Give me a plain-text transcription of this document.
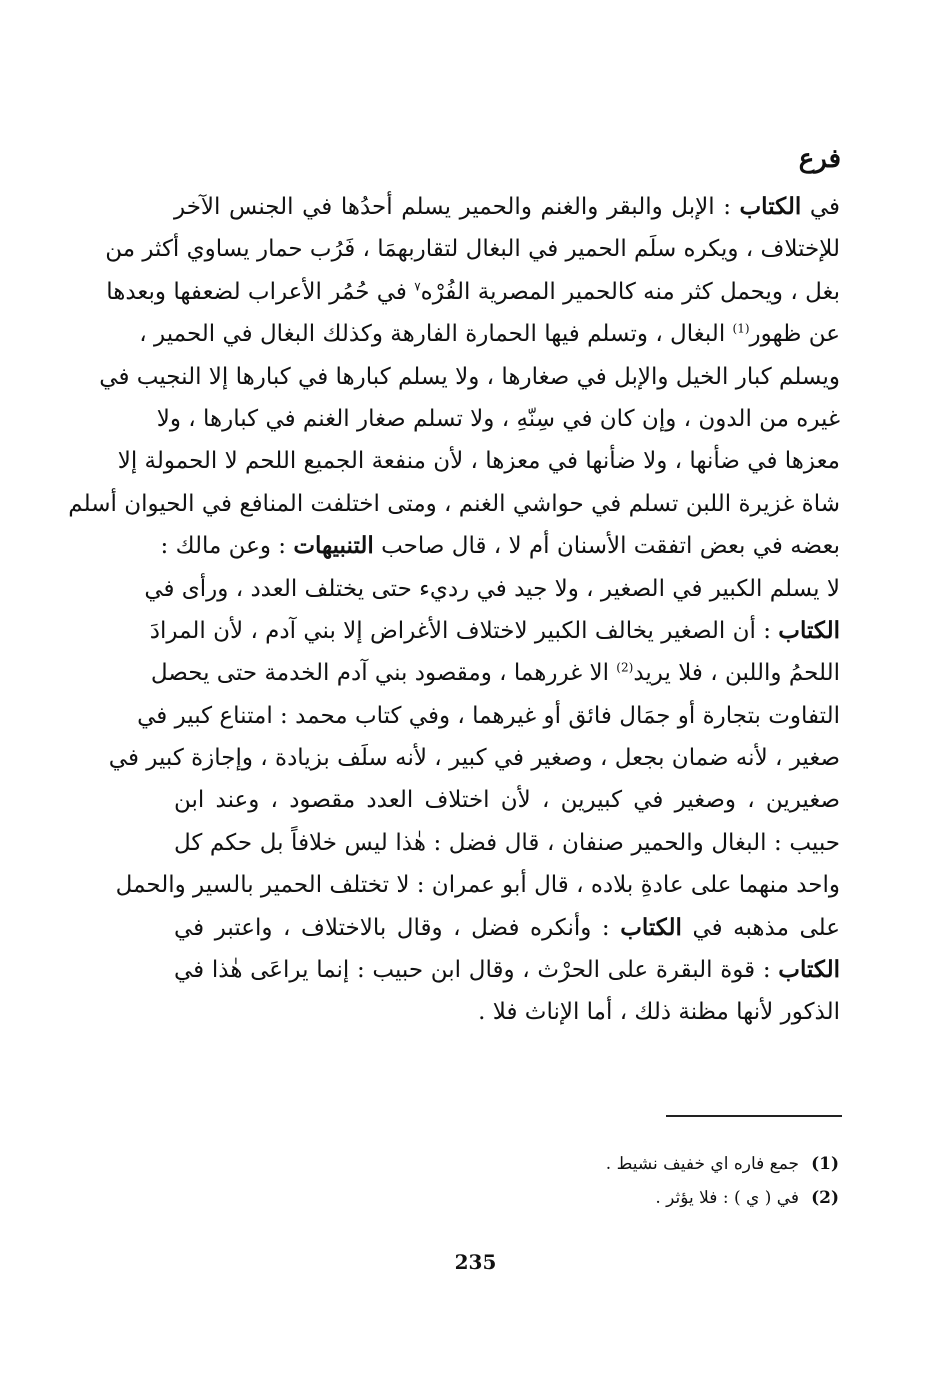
فرع
في الكتاب : الإبل والبقر والغنم والحمير يسلم أحدُها في الجنس الآخر
للإختلاف ، ويكره سلَم الحمير في البغال لتقاربهمَا ، فَرُب حمار يساوي أكثر من
بغل ، ويحمل كثر منه كالحمير المصرية الفُرْه$^٧$ في حُمُر الأعراب لضعفها وبعدها
عن ظهور$^{(1)}$ البغال ، وتسلم فيها الحمارة الفارهة وكذلك البغال في الحمير ،
ويسلم كبار الخيل والإبل في صغارها ، ولا يسلم كبارها في كبارها إلا النجيب في
غيره من الدون ، وإن كان في سِنّهِ ، ولا تسلم صغار الغنم في كبارها ، ولا
معزها في ضأنها ، ولا ضأنها في معزها ، لأن منفعة الجميع اللحم لا الحمولة إلا
شاة غزيرة اللبن تسلم في حواشي الغنم ، ومتى اختلفت المنافع في الحيوان أسلم
بعضه في بعض اتفقت الأسنان أم لا ، قال صاحب التنبيهات : وعن مالك :
لا يسلم الكبير في الصغير ، ولا جيد في رديء حتى يختلف العدد ، ورأى في
الكتاب : أن الصغير يخالف الكبير لاختلاف الأغراض إلا بني آدم ، لأن المرادَ
اللحمُ واللبن ، فلا يريد$^{(2)}$ الا غررهما ، ومقصود بني آدم الخدمة حتى يحصل
التفاوت بتجارة أو جمَال فائق أو غيرهما ، وفي كتاب محمد : امتناع كبير في
صغير ، لأنه ضمان بجعل ، وصغير في كبير ، لأنه سلَف بزيادة ، وإجازة كبير في
صغيرين ، وصغير في كبيرين ، لأن اختلاف العدد مقصود ، وعند ابن
حبيب : البغال والحمير صنفان ، قال فضل : هٰذا ليس خلافاً بل حكم كل
واحد منهما على عادةِ بلاده ، قال أبو عمران : لا تختلف الحمير بالسير والحمل
على مذهبه في الكتاب : وأنكره فضل ، وقال بالاختلاف ، واعتبر في
الكتاب : قوة البقرة على الحرْث ، وقال ابن حبيب : إنما يراعَى هٰذا في
الذكور لأنها مظنة ذلك ، أما الإناث فلا .
(1)جمع فاره اي خفيف نشيط .
(2)في ( ي ) : فلا يؤثر .
235
